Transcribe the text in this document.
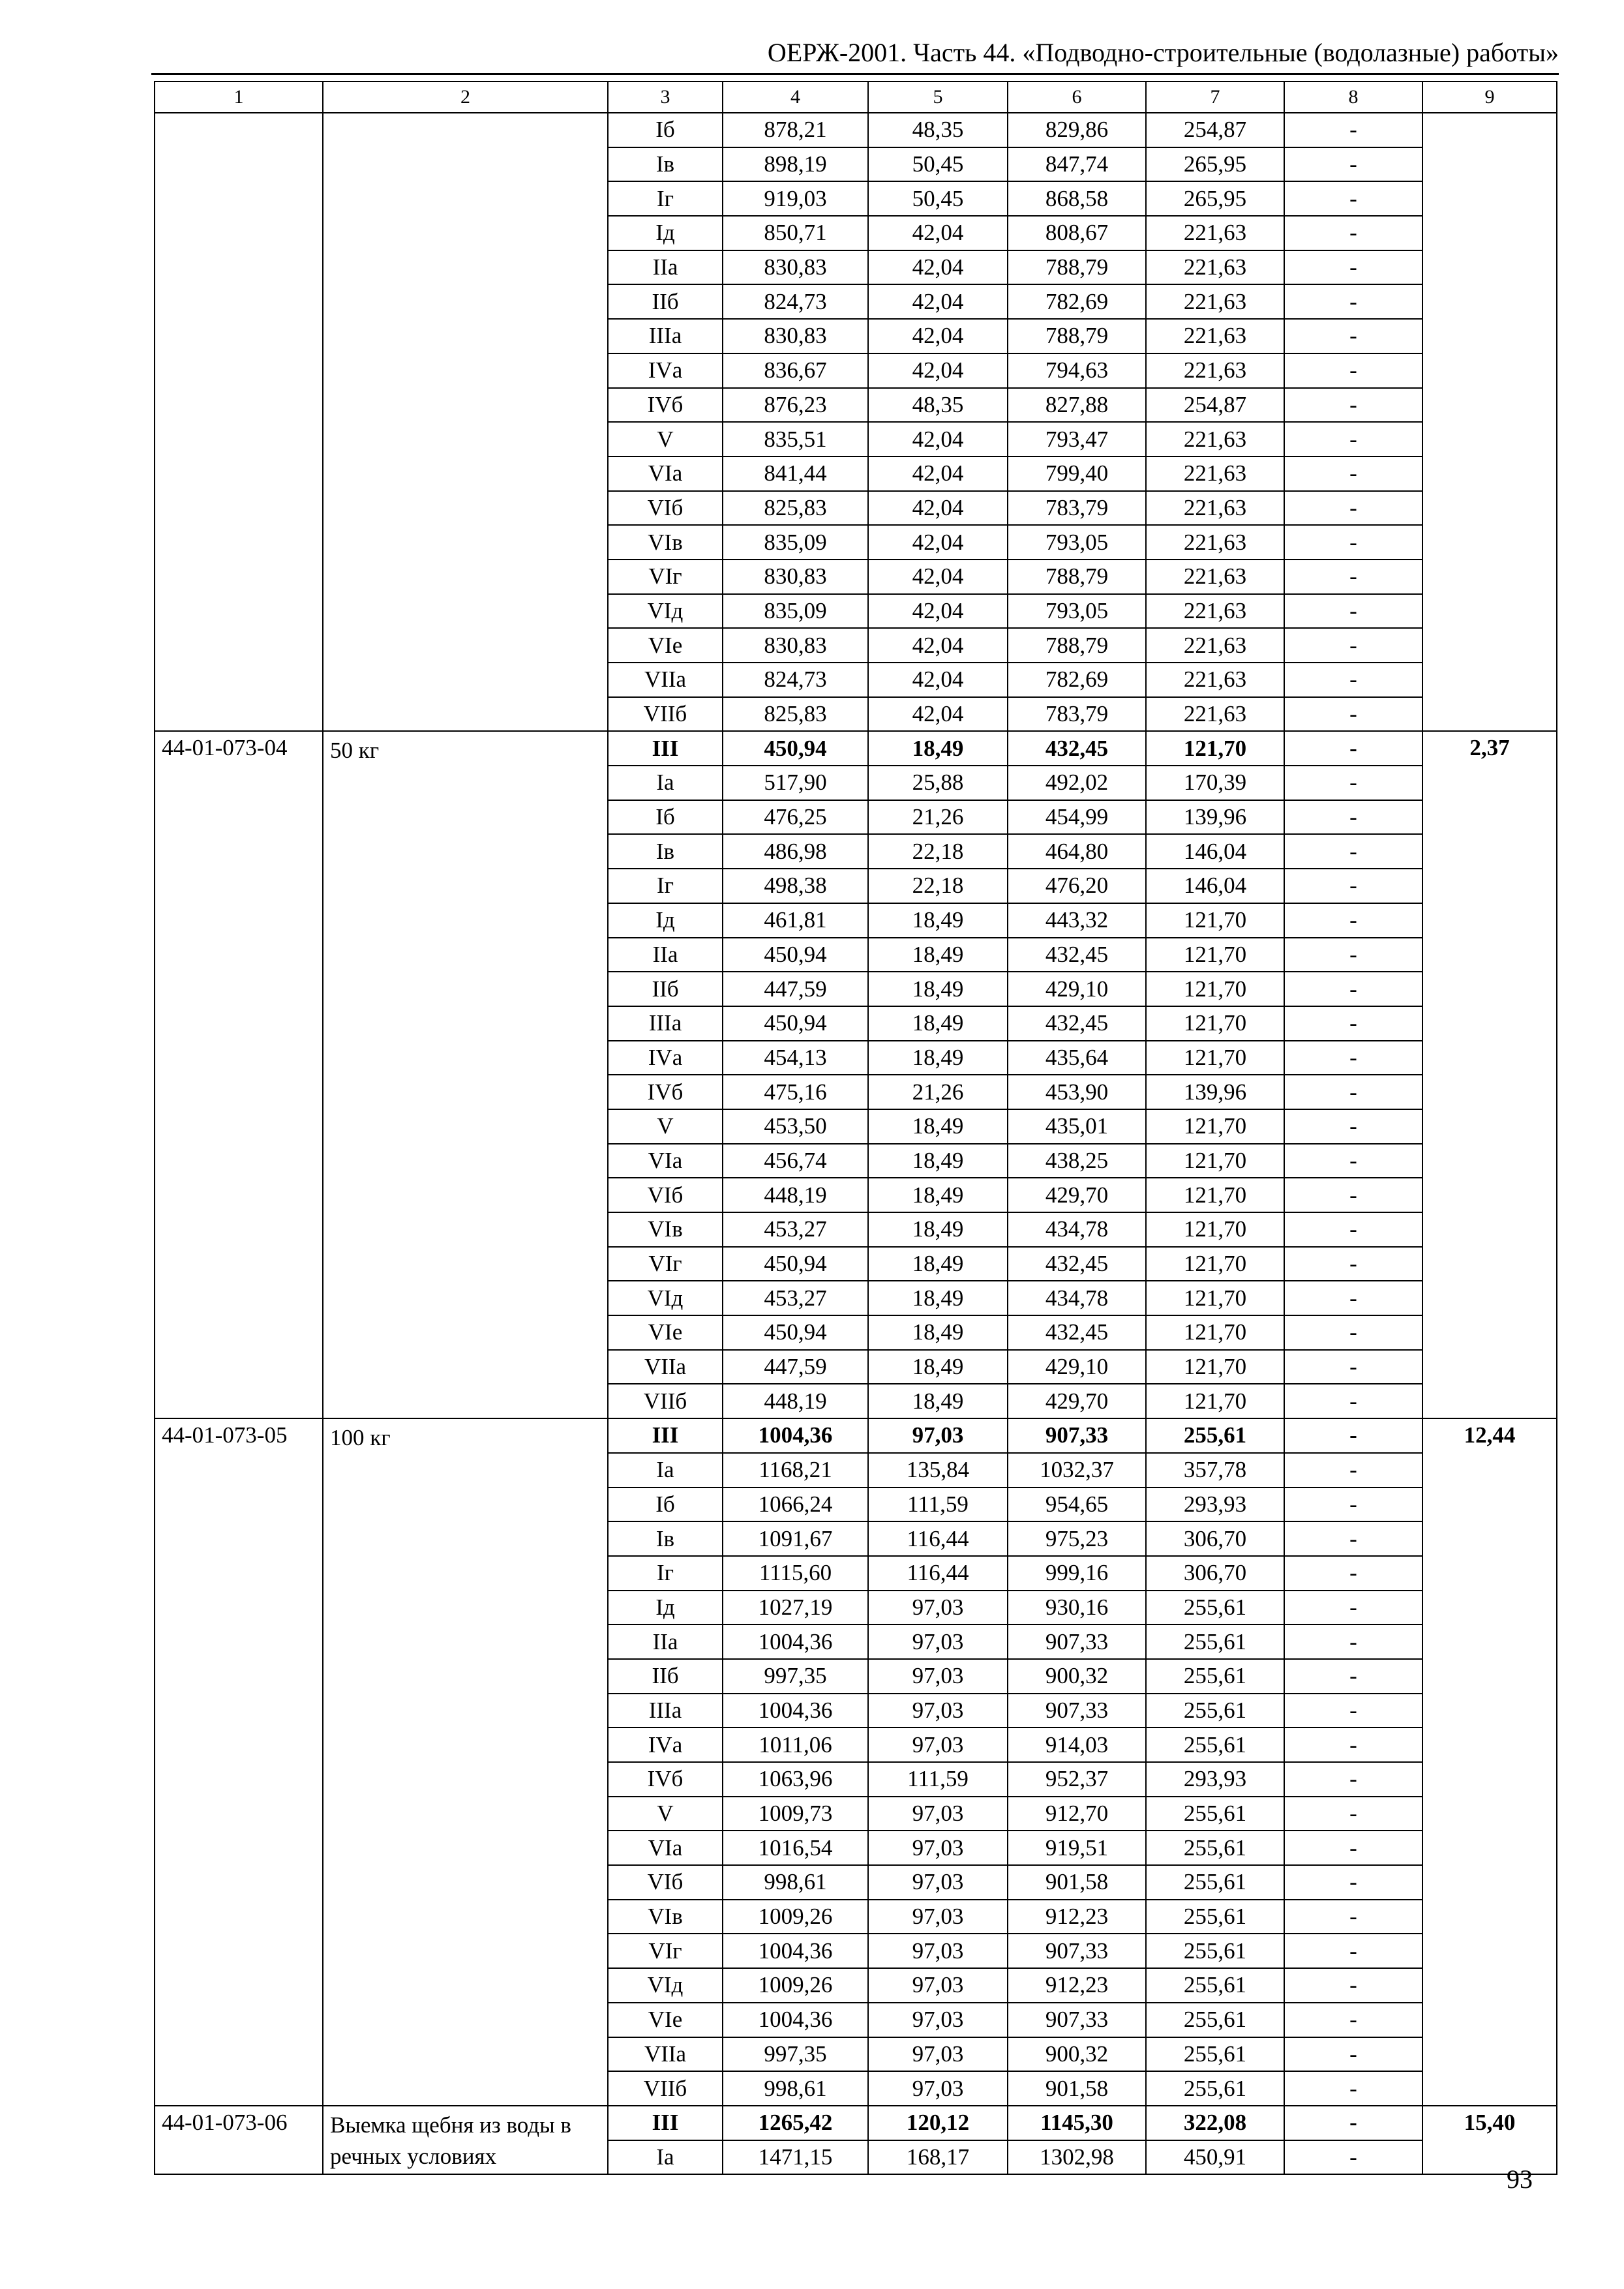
ОЕРЖ-2001. Часть 44. «Подводно-строительные (водолазные) работы»
1	2	3	4	5	6	7	8	9
		Iб	878,21	48,35	829,86	254,87	-	
		Iв	898,19	50,45	847,74	265,95	-	
		Iг	919,03	50,45	868,58	265,95	-	
		Iд	850,71	42,04	808,67	221,63	-	
		IIа	830,83	42,04	788,79	221,63	-	
		IIб	824,73	42,04	782,69	221,63	-	
		IIIа	830,83	42,04	788,79	221,63	-	
		IVа	836,67	42,04	794,63	221,63	-	
		IVб	876,23	48,35	827,88	254,87	-	
		V	835,51	42,04	793,47	221,63	-	
		VIа	841,44	42,04	799,40	221,63	-	
		VIб	825,83	42,04	783,79	221,63	-	
		VIв	835,09	42,04	793,05	221,63	-	
		VIг	830,83	42,04	788,79	221,63	-	
		VIд	835,09	42,04	793,05	221,63	-	
		VIе	830,83	42,04	788,79	221,63	-	
		VIIа	824,73	42,04	782,69	221,63	-	
		VIIб	825,83	42,04	783,79	221,63	-	
44-01-073-04	50 кг	III	450,94	18,49	432,45	121,70	-	2,37
		Iа	517,90	25,88	492,02	170,39	-	
		Iб	476,25	21,26	454,99	139,96	-	
		Iв	486,98	22,18	464,80	146,04	-	
		Iг	498,38	22,18	476,20	146,04	-	
		Iд	461,81	18,49	443,32	121,70	-	
		IIа	450,94	18,49	432,45	121,70	-	
		IIб	447,59	18,49	429,10	121,70	-	
		IIIа	450,94	18,49	432,45	121,70	-	
		IVа	454,13	18,49	435,64	121,70	-	
		IVб	475,16	21,26	453,90	139,96	-	
		V	453,50	18,49	435,01	121,70	-	
		VIа	456,74	18,49	438,25	121,70	-	
		VIб	448,19	18,49	429,70	121,70	-	
		VIв	453,27	18,49	434,78	121,70	-	
		VIг	450,94	18,49	432,45	121,70	-	
		VIд	453,27	18,49	434,78	121,70	-	
		VIе	450,94	18,49	432,45	121,70	-	
		VIIа	447,59	18,49	429,10	121,70	-	
		VIIб	448,19	18,49	429,70	121,70	-	
44-01-073-05	100 кг	III	1004,36	97,03	907,33	255,61	-	12,44
		Iа	1168,21	135,84	1032,37	357,78	-	
		Iб	1066,24	111,59	954,65	293,93	-	
		Iв	1091,67	116,44	975,23	306,70	-	
		Iг	1115,60	116,44	999,16	306,70	-	
		Iд	1027,19	97,03	930,16	255,61	-	
		IIа	1004,36	97,03	907,33	255,61	-	
		IIб	997,35	97,03	900,32	255,61	-	
		IIIа	1004,36	97,03	907,33	255,61	-	
		IVа	1011,06	97,03	914,03	255,61	-	
		IVб	1063,96	111,59	952,37	293,93	-	
		V	1009,73	97,03	912,70	255,61	-	
		VIа	1016,54	97,03	919,51	255,61	-	
		VIб	998,61	97,03	901,58	255,61	-	
		VIв	1009,26	97,03	912,23	255,61	-	
		VIг	1004,36	97,03	907,33	255,61	-	
		VIд	1009,26	97,03	912,23	255,61	-	
		VIе	1004,36	97,03	907,33	255,61	-	
		VIIа	997,35	97,03	900,32	255,61	-	
		VIIб	998,61	97,03	901,58	255,61	-	
44-01-073-06	Выемка щебня из воды в речных условиях	III	1265,42	120,12	1145,30	322,08	-	15,40
		Iа	1471,15	168,17	1302,98	450,91	-	
93
